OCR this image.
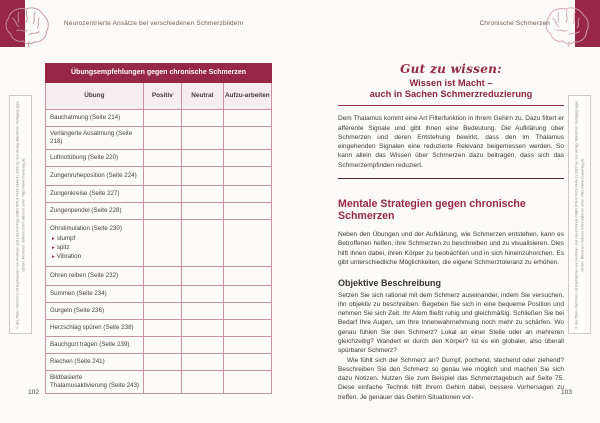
Neurozentrierte Ansätze bei verschiedenen Schmerzbildern	Chronische Schmerzen
© des Titels »Schmerz ist Kopfsache« von Andreas und Lisa Könings (ISBN 978-3-7423-2448-1) 2023 by riva Verlag, Münchner Verlagsgruppe GmbH, München. Nähere Informationen unter: http://www.rivaverlag.de	© des Titels »Schmerz ist Kopfsache« von Andreas und Lisa Könings (ISBN 978-3-7423-2448-1) 2023 by riva Verlag, Münchner Verlagsgruppe GmbH, München. Nähere Informationen unter: http://www.rivaverlag.de
Übungsempfehlungen gegen chronische Schmerzen
Übung	Positiv	Neutral	Aufzu-arbeiten
Bauchatmung (Seite 214)
Verlängerte Ausatmung (Seite 218)
Luftnotübung (Seite 220)
Zungenruheposition (Seite 224)
Zungenkreise (Seite 227)
Zungenpendel (Seite 228)
Ohrstimulation (Seite 230)
▸ stumpf
▸ spitz
▸ Vibration
Ohren reiben (Seite 232)
Summen (Seite 234)
Gurgeln (Seite 236)
Herzschlag spüren (Seite 238)
Bauchgurt tragen (Seite 239)
Riechen (Seite 241)
Bildbasierte Thalamusaktivierung (Seite 243)
Gut zu wissen:
Wissen ist Macht –
auch in Sachen Schmerzreduzierung
Dem Thalamus kommt eine Art Filterfunktion in Ihrem Gehirn zu. Dazu filtert er afferente Signale und gibt ihnen eine Bedeutung. Die Aufklärung über Schmerzen und deren Entstehung bewirkt, dass den im Thalamus eingehenden Signalen eine reduzierte Relevanz beigemessen werden. So kann allein das Wissen über Schmerzen dazu beitragen, dass sich das Schmerzempfinden reduziert.
Mentale Strategien gegen chronische Schmerzen
Neben den Übungen und der Aufklärung, wie Schmerzen entstehen, kann es Betroffenen helfen, ihre Schmerzen zu beschreiben und zu visualisieren. Dies hilft ihnen dabei, ihren Körper zu beobachten und in sich hineinzuhorchen. Es gibt unterschiedliche Möglichkeiten, die eigene Schmerztoleranz zu erhöhen.
Objektive Beschreibung
Setzen Sie sich rational mit dem Schmerz auseinander, indem Sie versuchen, ihn objektiv zu beschreiben. Begeben Sie sich in eine bequeme Position und nehmen Sie sich Zeit. Ihr Atem fließt ruhig und gleichmäßig. Schließen Sie bei Bedarf Ihre Augen, um Ihre Innenwahrnehmung noch mehr zu schärfen. Wo genau fühlen Sie den Schmerz? Lokal an einer Stelle oder an mehreren gleichzeitig? Wandert er durch den Körper? Ist es ein globaler, also überall spürbarer Schmerz?
Wie fühlt sich der Schmerz an? Dumpf, pochend, stechend oder ziehend? Beschreiben Sie den Schmerz so genau wie möglich und machen Sie sich dazu Notizen. Nutzen Sie zum Beispiel das Schmerztagebuch auf Seite 75. Diese einfache Technik hilft Ihrem Gehirn dabei, bessere Vorhersagen zu treffen. Je genauer das Gehirn Situationen vor-
102	103
